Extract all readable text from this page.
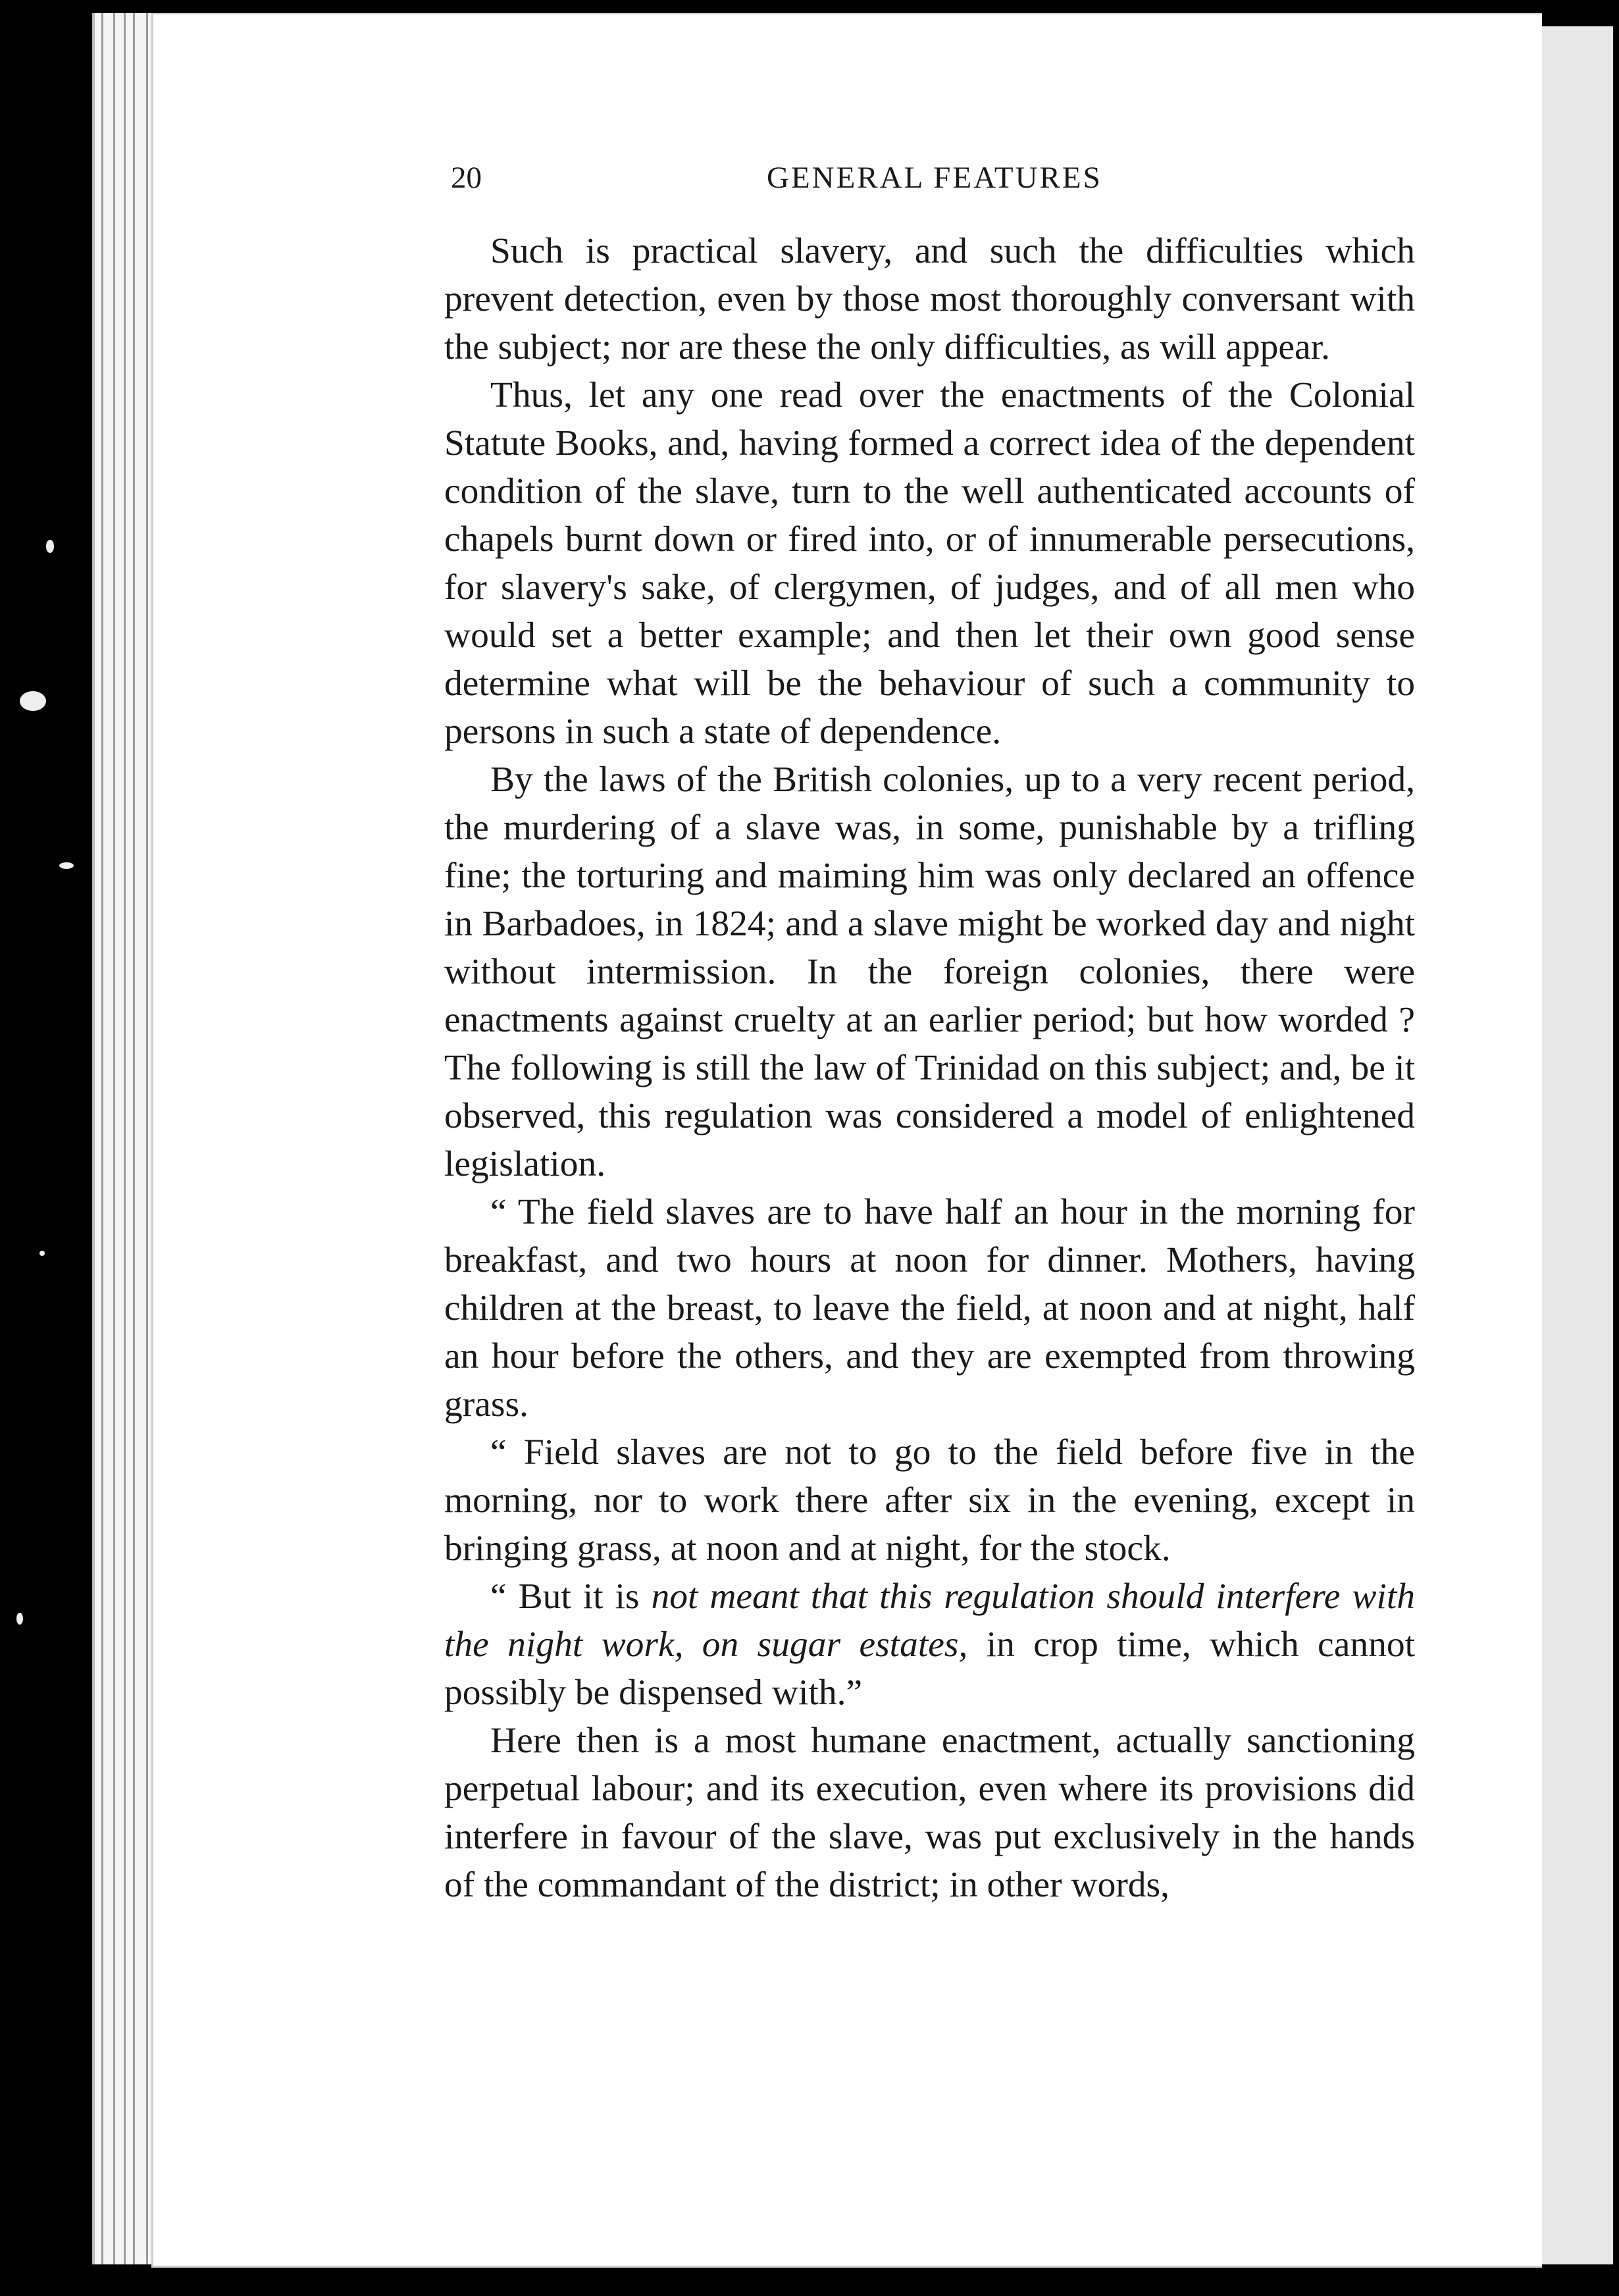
20	GENERAL FEATURES

Such is practical slavery, and such the difficulties which prevent detection, even by those most thoroughly conversant with the subject; nor are these the only difficulties, as will appear.

Thus, let any one read over the enactments of the Colonial Statute Books, and, having formed a correct idea of the dependent condition of the slave, turn to the well authenticated accounts of chapels burnt down or fired into, or of innumerable persecutions, for slavery's sake, of clergymen, of judges, and of all men who would set a better example; and then let their own good sense determine what will be the behaviour of such a community to persons in such a state of dependence.

By the laws of the British colonies, up to a very recent period, the murdering of a slave was, in some, punishable by a trifling fine; the torturing and maiming him was only declared an offence in Barbadoes, in 1824; and a slave might be worked day and night without intermission. In the foreign colonies, there were enactments against cruelty at an earlier period; but how worded ? The following is still the law of Trinidad on this subject; and, be it observed, this regulation was considered a model of enlightened legislation.

“ The field slaves are to have half an hour in the morning for breakfast, and two hours at noon for dinner. Mothers, having children at the breast, to leave the field, at noon and at night, half an hour before the others, and they are exempted from throwing grass.

“ Field slaves are not to go to the field before five in the morning, nor to work there after six in the evening, except in bringing grass, at noon and at night, for the stock.

“ But it is not meant that this regulation should interfere with the night work, on sugar estates, in crop time, which cannot possibly be dispensed with.”

Here then is a most humane enactment, actually sanctioning perpetual labour; and its execution, even where its provisions did interfere in favour of the slave, was put exclusively in the hands of the commandant of the district; in other words,
